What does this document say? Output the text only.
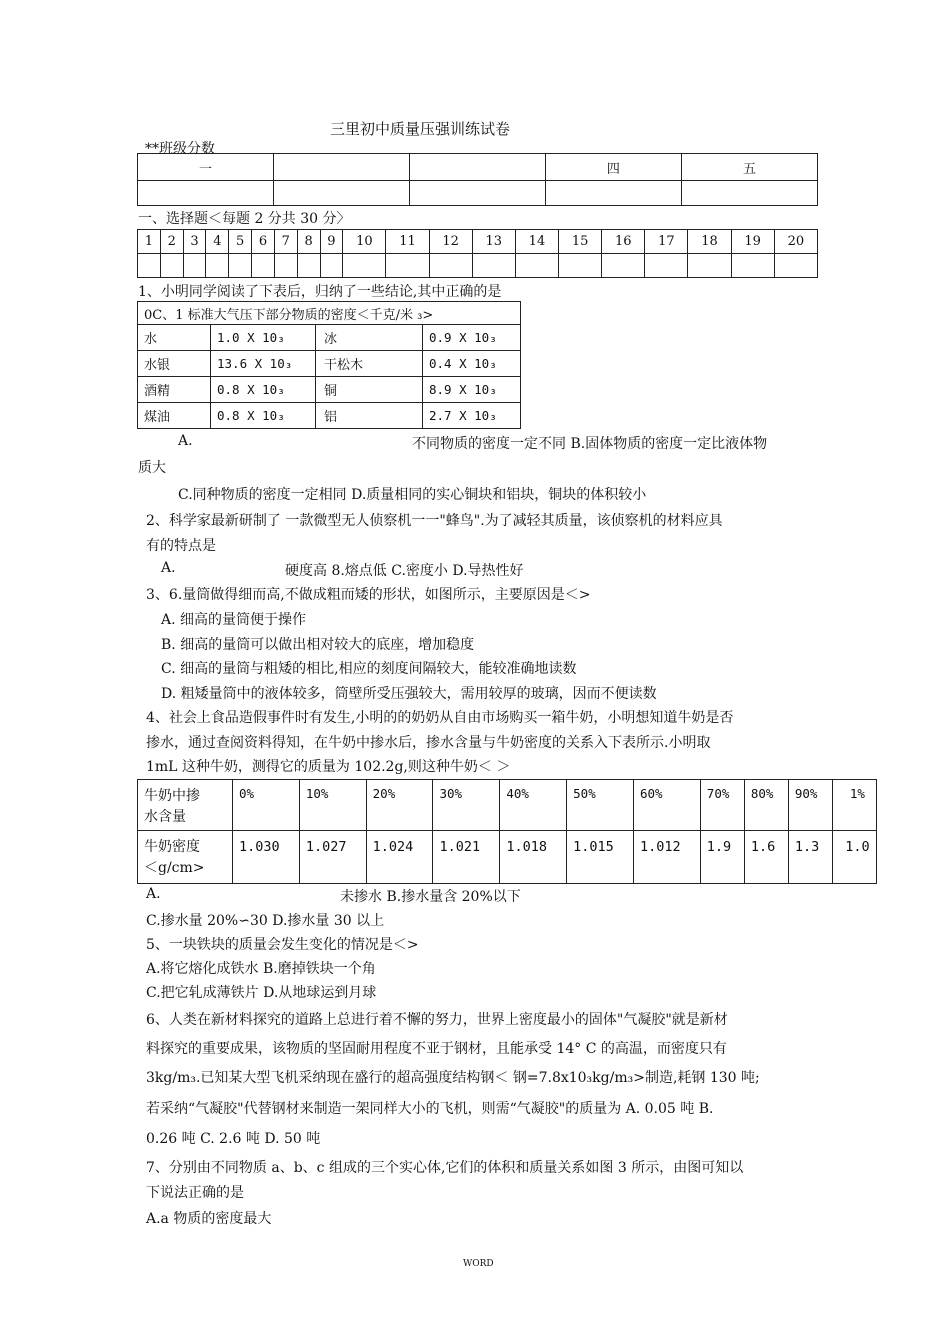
三里初中质量压强训练试卷
**班级分数
一			四	五

一、选择题＜每题 2 分共 30 分〉
1	2	3	4	5	6	7	8	9	10	11	12	13	14	15	16	17	18	19	20

1、小明同学阅读了下表后，归纳了一些结论,其中正确的是
0C、1 标准大气压下部分物质的密度＜千克/米 ₃>			
水	1.0 X 10₃	冰	0.9 X 10₃
水银	13.6 X 10₃	干松木	0.4 X 10₃
酒精	0.8 X 10₃	铜	8.9 X 10₃
煤油	0.8 X 10₃	铝	2.7 X 10₃
A.	不同物质的密度一定不同 B.固体物质的密度一定比液体物
质大
C.同种物质的密度一定相同 D.质量相同的实心铜块和铝块，铜块的体积较小
2、科学家最新研制了 一款微型无人侦察机一一"蜂鸟".为了减轻其质量，该侦察机的材料应具
有的特点是
A.	硬度高 8.熔点低 C.密度小 D.导热性好
3、6.量筒做得细而高,不做成粗而矮的形状，如图所示，主要原因是＜>
A. 细高的量筒便于操作
B. 细高的量筒可以做出相对较大的底座，增加稳度
C. 细高的量筒与粗矮的相比,相应的刻度间隔较大，能较准确地读数
D. 粗矮量筒中的液体较多，筒壁所受压强较大，需用较厚的玻璃，因而不便读数
4、社会上食品造假事件时有发生,小明的的奶奶从自由市场购买一箱牛奶，小明想知道牛奶是否
掺水，通过查阅资料得知，在牛奶中掺水后，掺水含量与牛奶密度的关系入下表所示.小明取
1mL 这种牛奶，测得它的质量为 102.2g,则这种牛奶＜ ＞
牛奶中掺
水含量	0%	10%	20%	30%	40%	50%	60%	70%	80%	90%	1%

牛奶密度
＜g/cm>	1.030	1.027	1.024	1.021	1.018	1.015	1.012	1.9	1.6	1.3	1.0
A.	未掺水 B.掺水量含 20%以下
C.掺水量 20%∽30 D.掺水量 30 以上
5、一块铁块的质量会发生变化的情况是＜>
A.将它熔化成铁水 B.磨掉铁块一个角
C.把它轧成薄铁片 D.从地球运到月球
6、人类在新材料探究的道路上总进行着不懈的努力，世界上密度最小的固体"气凝胶"就是新材
料探究的重要成果，该物质的坚固耐用程度不亚于钢材，且能承受 14° C 的高温，而密度只有
3kg/m₃.已知某大型飞机采纳现在盛行的超高强度结构钢＜ 钢=7.8x10₃kg/m₃>制造,耗钢 130 吨;
若采纳“气凝胶"代替钢材来制造一架同样大小的飞机，则需“气凝胶"的质量为 A. 0.05 吨 B.
0.26 吨 C. 2.6 吨 D. 50 吨
7、分别由不同物质 a、b、c 组成的三个实心体,它们的体积和质量关系如图 3 所示，由图可知以
下说法正确的是
A.a 物质的密度最大
WORD
